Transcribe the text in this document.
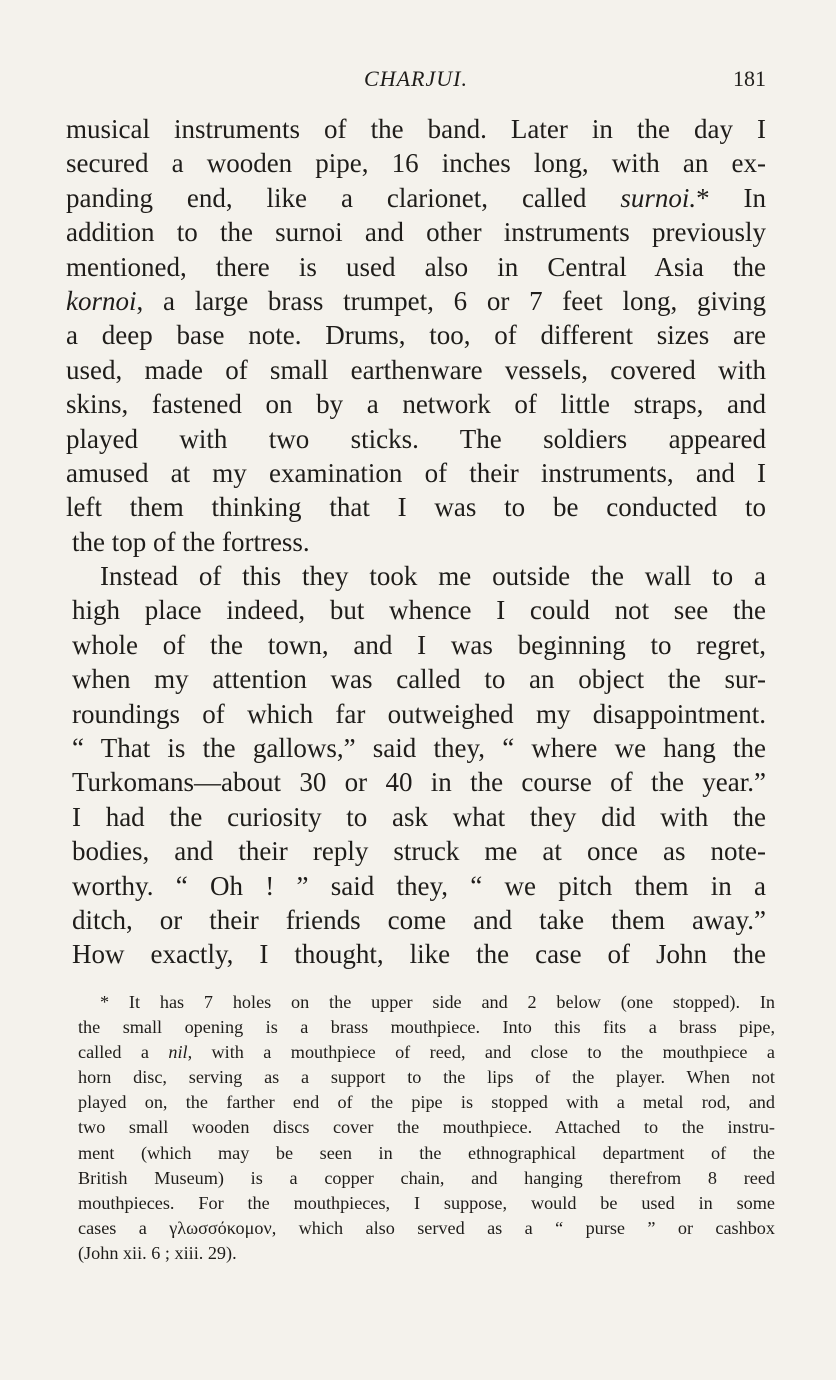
CHARJUI.	181
musical instruments of the band. Later in the day I
secured a wooden pipe, 16 inches long, with an ex-
panding end, like a clarionet, called surnoi.* In
addition to the surnoi and other instruments previously
mentioned, there is used also in Central Asia the
kornoi, a large brass trumpet, 6 or 7 feet long, giving
a deep base note. Drums, too, of different sizes are
used, made of small earthenware vessels, covered with
skins, fastened on by a network of little straps, and
played with two sticks. The soldiers appeared
amused at my examination of their instruments, and I
left them thinking that I was to be conducted to
the top of the fortress.
Instead of this they took me outside the wall to a
high place indeed, but whence I could not see the
whole of the town, and I was beginning to regret,
when my attention was called to an object the sur-
roundings of which far outweighed my disappointment.
“ That is the gallows,” said they, “ where we hang the
Turkomans—about 30 or 40 in the course of the year.”
I had the curiosity to ask what they did with the
bodies, and their reply struck me at once as note-
worthy. “ Oh ! ” said they, “ we pitch them in a
ditch, or their friends come and take them away.”
How exactly, I thought, like the case of John the
* It has 7 holes on the upper side and 2 below (one stopped). In
the small opening is a brass mouthpiece. Into this fits a brass pipe,
called a nil, with a mouthpiece of reed, and close to the mouthpiece a
horn disc, serving as a support to the lips of the player. When not
played on, the farther end of the pipe is stopped with a metal rod, and
two small wooden discs cover the mouthpiece. Attached to the instru-
ment (which may be seen in the ethnographical department of the
British Museum) is a copper chain, and hanging therefrom 8 reed
mouthpieces. For the mouthpieces, I suppose, would be used in some
cases a γλωσσόκομον, which also served as a “ purse ” or cashbox
(John xii. 6 ; xiii. 29).
